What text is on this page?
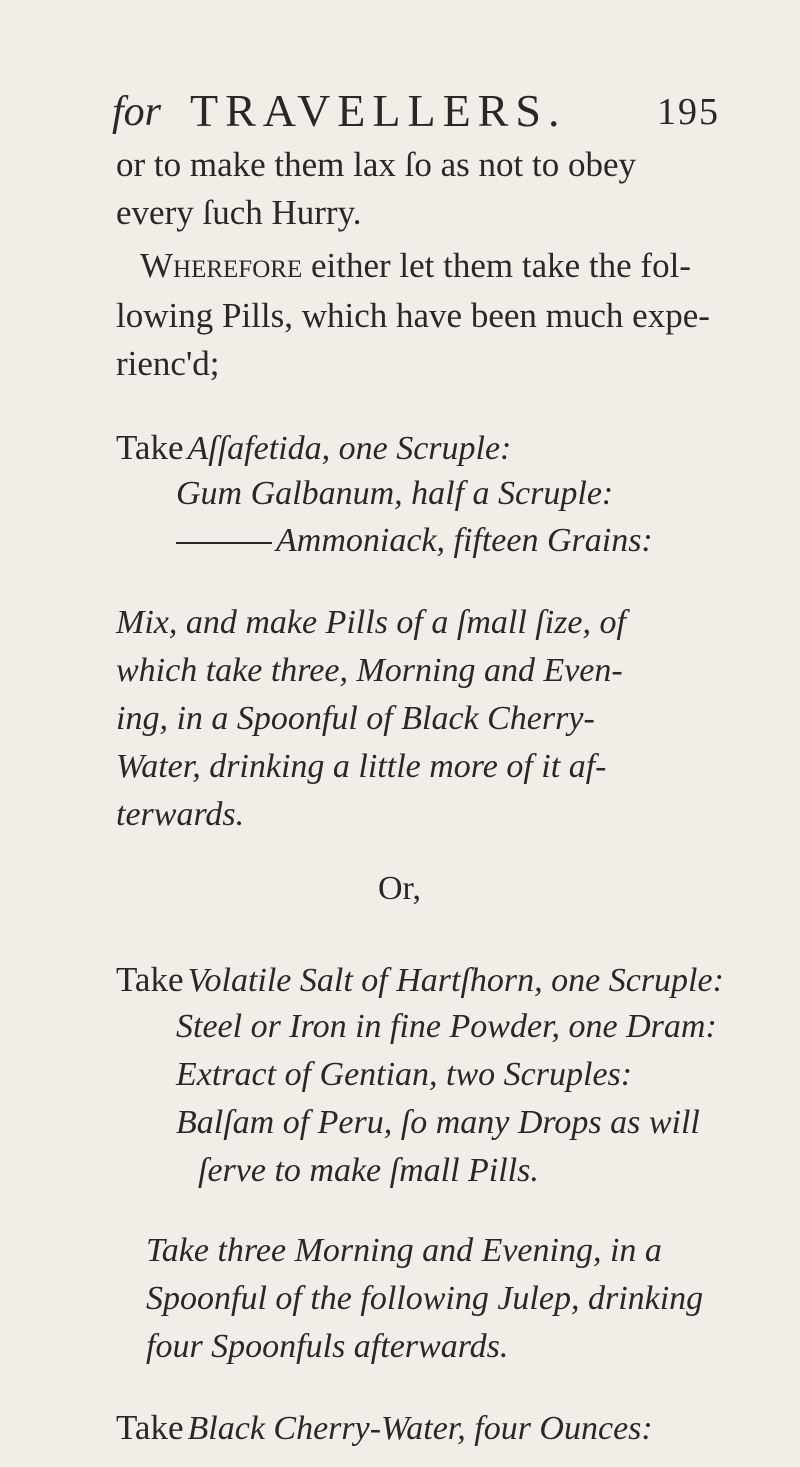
for TRAVELLERS. 195
or to make them lax ſo as not to obey
every ſuch Hurry.
Wherefore either let them take the fol-
lowing Pills, which have been much expe-
rienc'd;
Take Aſſafetida, one Scruple:
Gum Galbanum, half a Scruple:
Ammoniack, fifteen Grains:
Mix, and make Pills of a ſmall ſize, of
which take three, Morning and Even-
ing, in a Spoonful of Black Cherry-
Water, drinking a little more of it af-
terwards.
Or,
Take Volatile Salt of Hartſhorn, one Scruple:
Steel or Iron in fine Powder, one Dram:
Extract of Gentian, two Scruples:
Balſam of Peru, ſo many Drops as will
ſerve to make ſmall Pills.
Take three Morning and Evening, in a
Spoonful of the following Julep, drinking
four Spoonfuls afterwards.
Take Black Cherry-Water, four Ounces:
